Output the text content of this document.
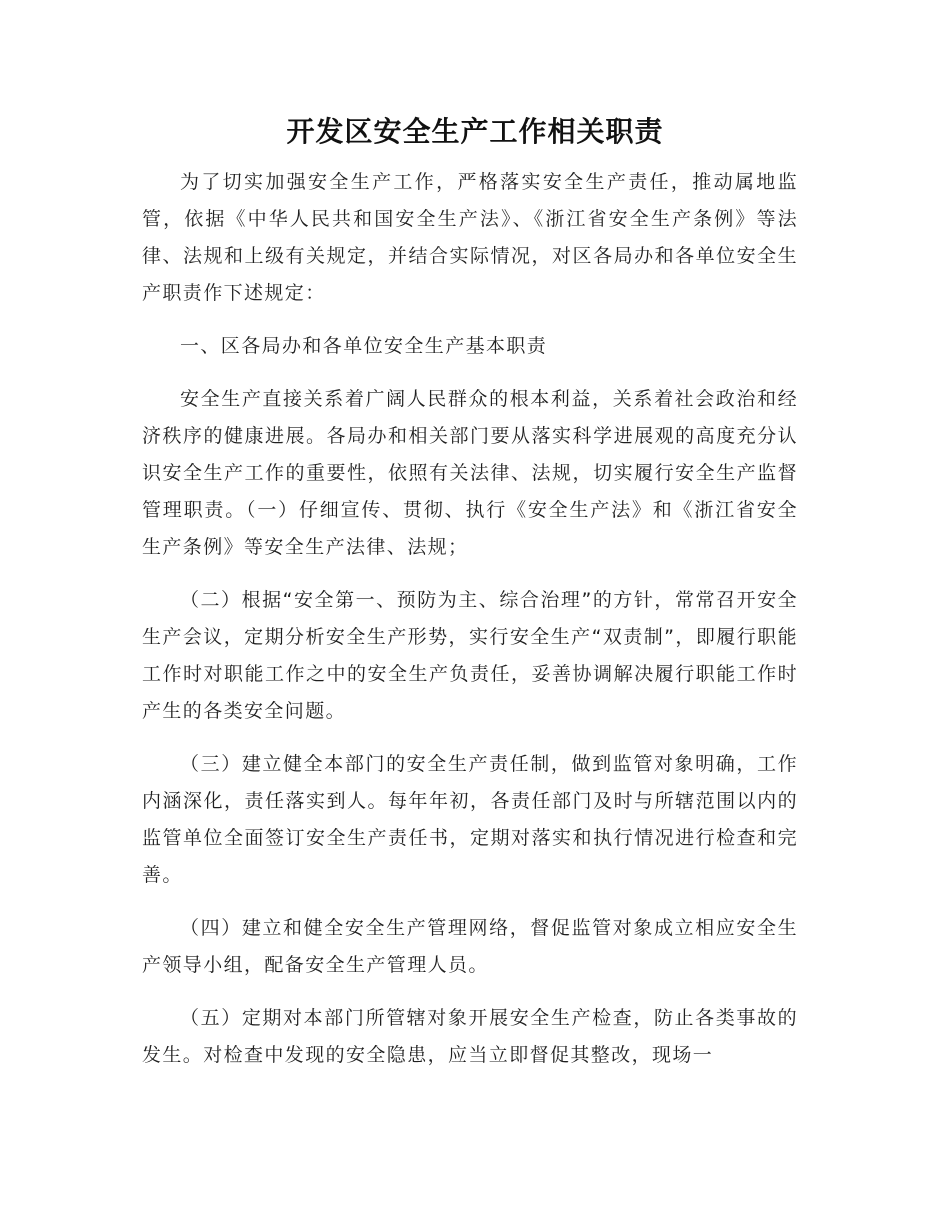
开发区安全生产工作相关职责

为了切实加强安全生产工作，严格落实安全生产责任，推动属地监管，依据《中华人民共和国安全生产法》、《浙江省安全生产条例》等法律、法规和上级有关规定，并结合实际情况，对区各局办和各单位安全生产职责作下述规定：

一、区各局办和各单位安全生产基本职责

安全生产直接关系着广阔人民群众的根本利益，关系着社会政治和经济秩序的健康进展。各局办和相关部门要从落实科学进展观的高度充分认识安全生产工作的重要性，依照有关法律、法规，切实履行安全生产监督管理职责。（一）仔细宣传、贯彻、执行《安全生产法》和《浙江省安全生产条例》等安全生产法律、法规；

（二）根据“安全第一、预防为主、综合治理”的方针，常常召开安全生产会议，定期分析安全生产形势，实行安全生产“双责制”，即履行职能工作时对职能工作之中的安全生产负责任，妥善协调解决履行职能工作时产生的各类安全问题。

（三）建立健全本部门的安全生产责任制，做到监管对象明确，工作内涵深化，责任落实到人。每年年初，各责任部门及时与所辖范围以内的监管单位全面签订安全生产责任书，定期对落实和执行情况进行检查和完善。

（四）建立和健全安全生产管理网络，督促监管对象成立相应安全生产领导小组，配备安全生产管理人员。

（五）定期对本部门所管辖对象开展安全生产检查，防止各类事故的发生。对检查中发现的安全隐患，应当立即督促其整改，现场一
